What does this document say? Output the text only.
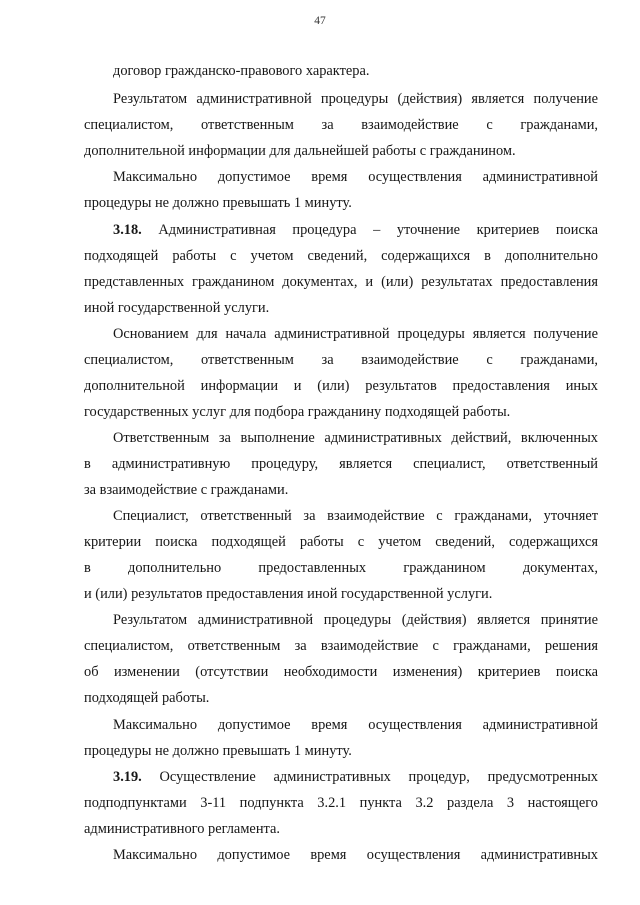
47
договор гражданско-правового характера.
Результатом административной процедуры (действия) является получение
специалистом, ответственным за взаимодействие с гражданами,
дополнительной информации для дальнейшей работы с гражданином.
Максимально допустимое время осуществления административной
процедуры не должно превышать 1 минуту.
3.18. Административная процедура – уточнение критериев поиска
подходящей работы с учетом сведений, содержащихся в дополнительно
представленных гражданином документах, и (или) результатах предоставления
иной государственной услуги.
Основанием для начала административной процедуры является получение
специалистом, ответственным за взаимодействие с гражданами,
дополнительной информации и (или) результатов предоставления иных
государственных услуг для подбора гражданину подходящей работы.
Ответственным за выполнение административных действий, включенных
в административную процедуру, является специалист, ответственный
за взаимодействие с гражданами.
Специалист, ответственный за взаимодействие с гражданами, уточняет
критерии поиска подходящей работы с учетом сведений, содержащихся
в дополнительно предоставленных гражданином документах,
и (или) результатов предоставления иной государственной услуги.
Результатом административной процедуры (действия) является принятие
специалистом, ответственным за взаимодействие с гражданами, решения
об изменении (отсутствии необходимости изменения) критериев поиска
подходящей работы.
Максимально допустимое время осуществления административной
процедуры не должно превышать 1 минуту.
3.19. Осуществление административных процедур, предусмотренных
подподпунктами 3-11 подпункта 3.2.1 пункта 3.2 раздела 3 настоящего
административного регламента.
Максимально допустимое время осуществления административных
